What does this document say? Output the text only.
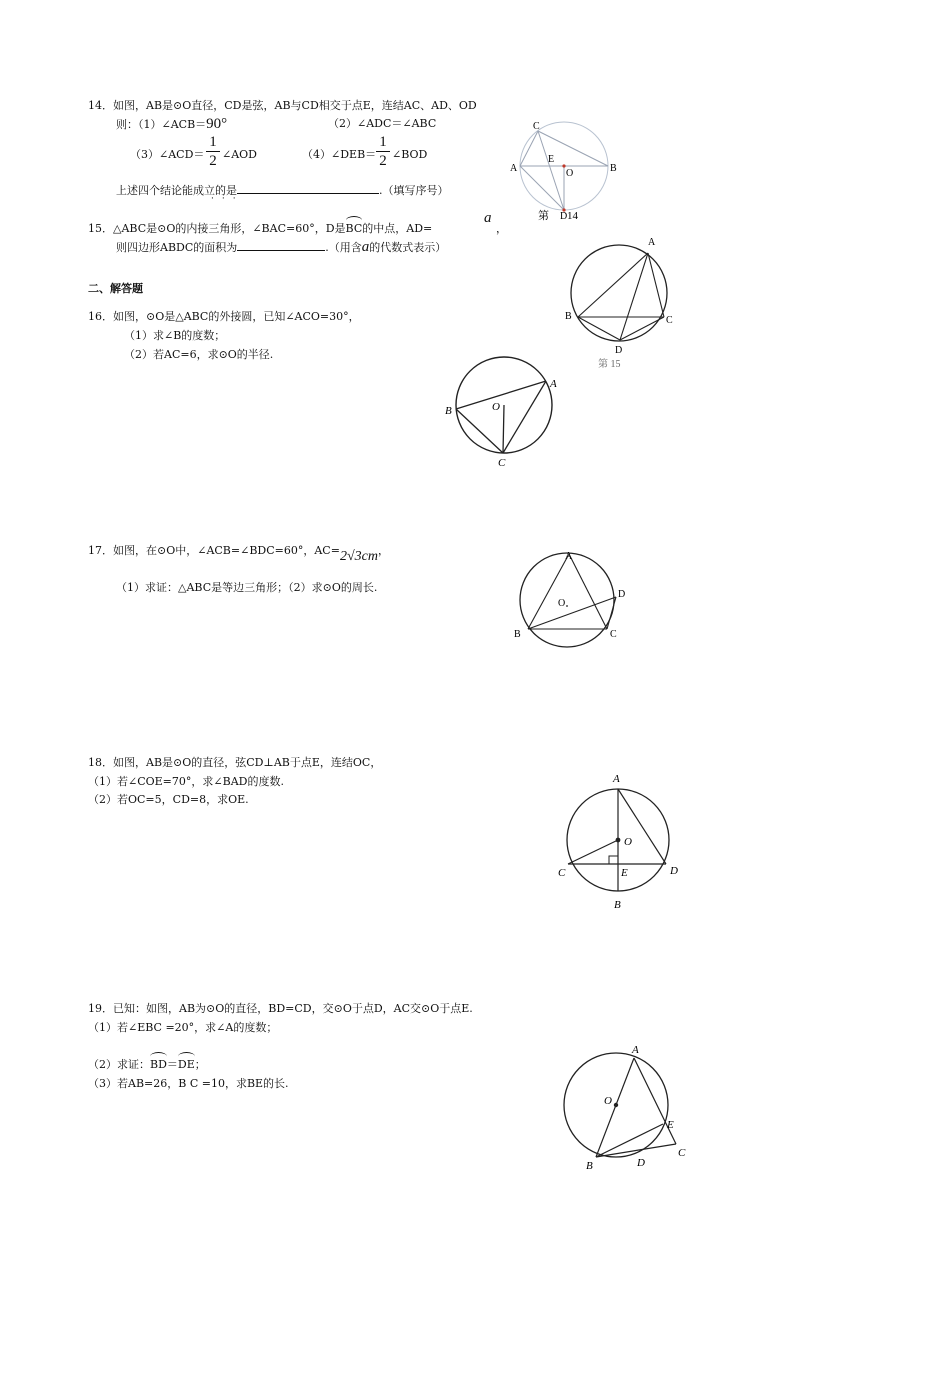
14．如图，AB是⊙O直径，CD是弦，AB与CD相交于点E，连结AC、AD、OD
则：（1）∠ACB＝90°	（2）∠ADC＝∠ABC
（3）∠ACD＝
1
2 ∠AOD	（4）∠DEB＝
1
2 ∠BOD
上述四个结论能成立的是	.（填写序号）
···
C
A
E
O	B
第 D 14
15．△ABC是⊙O的内接三角形，∠BAC=60°，D是BC的中点，AD=
a
，
则四边形ABDC的面积为	.（用含a的代数式表示）	A
B	C
D
第 15
二、解答题
16．如图，⊙O是△ABC的外接圆，已知∠ACO=30°，
（1）求∠B的度数；
（2）若AC=6，求⊙O的半径.
A
B
C
O
17．如图，在⊙O中，∠ACB=∠BDC=60°，AC=2√3cm，
（1）求证：△ABC是等边三角形；（2）求⊙O的周长.
A
B	C
D
O
18．如图，AB是⊙O的直径，弦CD⊥AB于点E，连结OC，
（1）若∠COE=70°，求∠BAD的度数.
（2）若OC=5，CD=8，求OE.
A
O
C	E	D
B
19．已知：如图，AB为⊙O的直径，BD=CD，交⊙O于点D，AC交⊙O于点E.
（1）若∠EBC =20°，求∠A的度数；
（2）求证：BD＝DE；
（3）若AB=26，B C =10，求BE的长.
A
O
E
C
D
B
